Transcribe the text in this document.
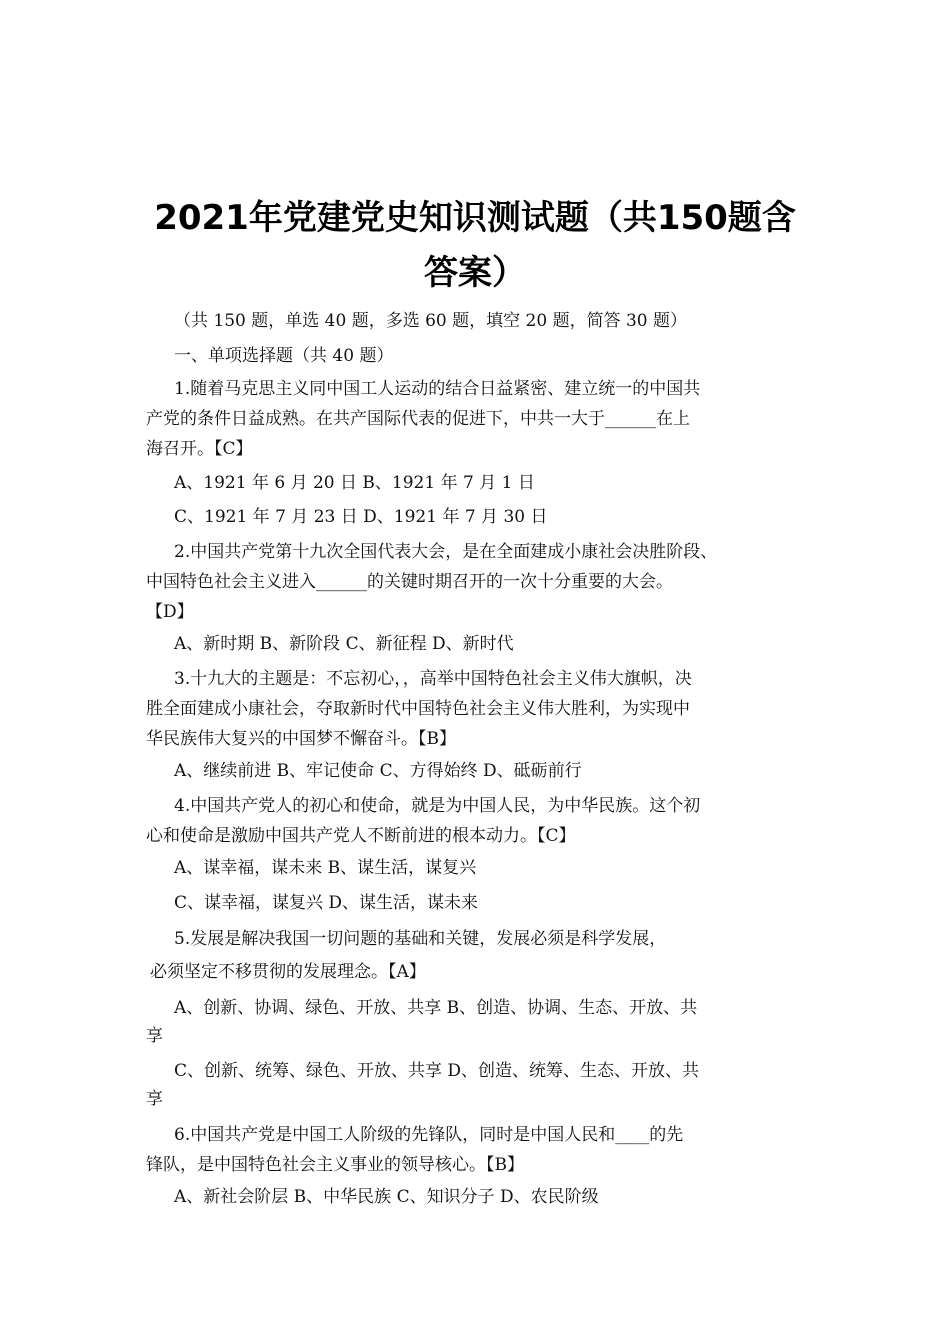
2021年党建党史知识测试题（共150题含
答案）
（共 150 题，单选 40 题，多选 60 题，填空 20 题，简答 30 题）
一、单项选择题（共 40 题）
1.随着马克思主义同中国工人运动的结合日益紧密、建立统一的中国共
产党的条件日益成熟。在共产国际代表的促进下，中共一大于______在上
海召开。【C】
A、1921 年 6 月 20 日 B、1921 年 7 月 1 日
C、1921 年 7 月 23 日 D、1921 年 7 月 30 日
2.中国共产党第十九次全国代表大会，是在全面建成小康社会决胜阶段、
中国特色社会主义进入______的关键时期召开的一次十分重要的大会。
【D】
A、新时期 B、新阶段 C、新征程 D、新时代
3.十九大的主题是：不忘初心，，高举中国特色社会主义伟大旗帜，决
胜全面建成小康社会，夺取新时代中国特色社会主义伟大胜利，为实现中
华民族伟大复兴的中国梦不懈奋斗。【B】
A、继续前进 B、牢记使命 C、方得始终 D、砥砺前行
4.中国共产党人的初心和使命，就是为中国人民，为中华民族。这个初
心和使命是激励中国共产党人不断前进的根本动力。【C】
A、谋幸福，谋未来 B、谋生活，谋复兴
C、谋幸福，谋复兴 D、谋生活，谋未来
5.发展是解决我国一切问题的基础和关键，发展必须是科学发展，
必须坚定不移贯彻的发展理念。【A】
A、创新、协调、绿色、开放、共享 B、创造、协调、生态、开放、共
享
C、创新、统筹、绿色、开放、共享 D、创造、统筹、生态、开放、共
享
6.中国共产党是中国工人阶级的先锋队，同时是中国人民和____的先
锋队，是中国特色社会主义事业的领导核心。【B】
A、新社会阶层 B、中华民族 C、知识分子 D、农民阶级
